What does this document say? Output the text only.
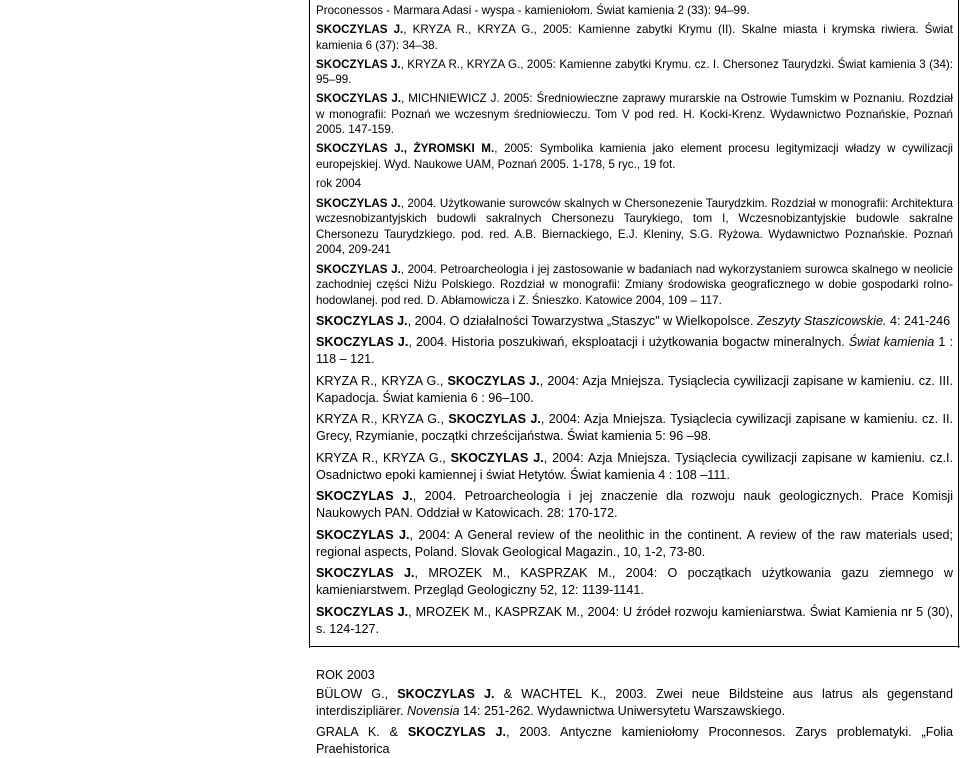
Proconessos - Marmara Adasi - wyspa - kamieniołom. Świat kamienia 2 (33): 94–99.

SKOCZYLAS J., KRYZA R., KRYZA G., 2005: Kamienne zabytki Krymu (II). Skalne miasta i krymska riwiera. Świat kamienia 6 (37): 34–38.

SKOCZYLAS J., KRYZA R., KRYZA G., 2005: Kamienne zabytki Krymu. cz. I. Chersonez Taurydzki. Świat kamienia 3 (34): 95–99.

SKOCZYLAS J., MICHNIEWICZ J. 2005: Średniowieczne zaprawy murarskie na Ostrowie Tumskim w Poznaniu. Rozdział w monografii: Poznań we wczesnym średniowieczu. Tom V pod red. H. Kocki-Krenz. Wydawnictwo Poznańskie, Poznań 2005. 147-159.

SKOCZYLAS J., ŻYROMSKI M., 2005: Symbolika kamienia jako element procesu legitymizacji władzy w cywilizacji europejskiej. Wyd. Naukowe UAM, Poznań 2005. 1-178, 5 ryc., 19 fot.

rok 2004

SKOCZYLAS J., 2004. Użytkowanie surowców skalnych w Chersonezenie Taurydzkim. Rozdział w monografii: Architektura wczesnobizantyjskich budowli sakralnych Chersonezu Taurykiego, tom I, Wczesnobizantyjskie budowle sakralne Chersonezu Taurydzkiego. pod. red. A.B. Biernackiego, E.J. Kleniny, S.G. Ryżowa. Wydawnictwo Poznańskie. Poznań 2004, 209-241

SKOCZYLAS J., 2004. Petroarcheologia i jej zastosowanie w badaniach nad wykorzystaniem surowca skalnego w neolicie zachodniej części Niżu Polskiego. Rozdział w monografii: Zmiany środowiska geograficznego w dobie gospodarki rolno-hodowlanej. pod red. D. Abłamowicza i Z. Śnieszko. Katowice 2004, 109 – 117.

SKOCZYLAS J., 2004. O działalności Towarzystwa „Staszyc" w Wielkopolsce. Zeszyty Staszicowskie. 4: 241-246

SKOCZYLAS J., 2004. Historia poszukiwań, eksploatacji i użytkowania bogactw mineralnych. Świat kamienia 1 : 118 – 121.

KRYZA R., KRYZA G., SKOCZYLAS J., 2004: Azja Mniejsza. Tysiąclecia cywilizacji zapisane w kamieniu. cz. III. Kapadocja. Świat kamienia 6 : 96–100.

KRYZA R., KRYZA G., SKOCZYLAS J., 2004: Azja Mniejsza. Tysiąclecia cywilizacji zapisane w kamieniu. cz. II. Grecy, Rzymianie, początki chrześcijaństwa. Świat kamienia 5: 96 –98.

KRYZA R., KRYZA G., SKOCZYLAS J., 2004: Azja Mniejsza. Tysiąclecia cywilizacji zapisane w kamieniu. cz.I. Osadnictwo epoki kamiennej i świat Hetytów. Świat kamienia 4 : 108 –111.

SKOCZYLAS J., 2004. Petroarcheologia i jej znaczenie dla rozwoju nauk geologicznych. Prace Komisji Naukowych PAN. Oddział w Katowicach. 28: 170-172.

SKOCZYLAS J., 2004: A General review of the neolithic in the continent. A review of the raw materials used; regional aspects, Poland. Slovak Geological Magazin., 10, 1-2, 73-80.

SKOCZYLAS J., MROZEK M., KASPRZAK M., 2004: O początkach użytkowania gazu ziemnego w kamieniarstwem. Przegląd Geologiczny 52, 12: 1139-1141.

SKOCZYLAS J., MROZEK M., KASPRZAK M., 2004: U źródeł rozwoju kamieniarstwa. Świat Kamienia nr 5 (30), s. 124-127.

ROK 2003

BÜLOW G., SKOCZYLAS J. & WACHTEL K., 2003. Zwei neue Bildsteine aus latrus als gegenstand interdiszipliärer. Novensia 14: 251-262. Wydawnictwa Uniwersytetu Warszawskiego.

GRALA K. & SKOCZYLAS J., 2003. Antyczne kamieniołomy Proconnesos. Zarys problematyki. „Folia Praehistorica
